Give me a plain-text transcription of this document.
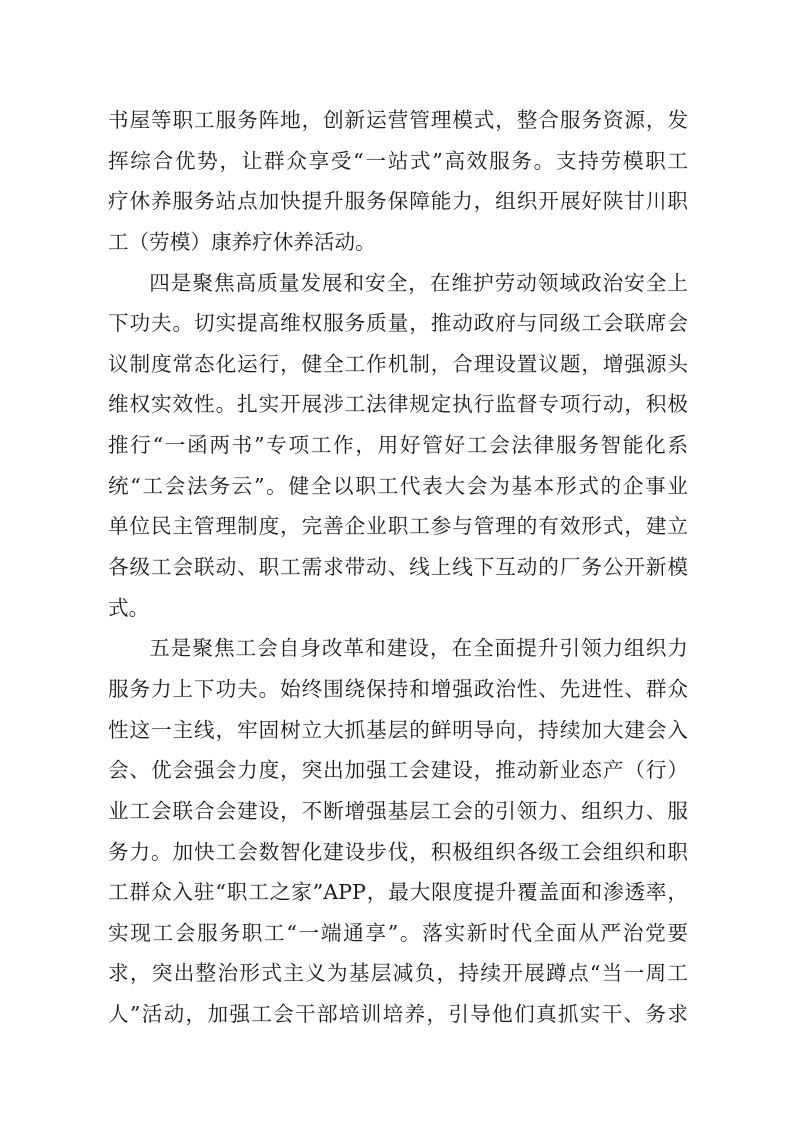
书屋等职工服务阵地，创新运营管理模式，整合服务资源，发
挥综合优势，让群众享受“一站式”高效服务。支持劳模职工
疗休养服务站点加快提升服务保障能力，组织开展好陕甘川职
工（劳模）康养疗休养活动。
四是聚焦高质量发展和安全，在维护劳动领域政治安全上
下功夫。切实提高维权服务质量，推动政府与同级工会联席会
议制度常态化运行，健全工作机制，合理设置议题，增强源头
维权实效性。扎实开展涉工法律规定执行监督专项行动，积极
推行“一函两书”专项工作，用好管好工会法律服务智能化系
统“工会法务云”。健全以职工代表大会为基本形式的企事业
单位民主管理制度，完善企业职工参与管理的有效形式，建立
各级工会联动、职工需求带动、线上线下互动的厂务公开新模
式。
五是聚焦工会自身改革和建设，在全面提升引领力组织力
服务力上下功夫。始终围绕保持和增强政治性、先进性、群众
性这一主线，牢固树立大抓基层的鲜明导向，持续加大建会入
会、优会强会力度，突出加强工会建设，推动新业态产（行）
业工会联合会建设，不断增强基层工会的引领力、组织力、服
务力。加快工会数智化建设步伐，积极组织各级工会组织和职
工群众入驻“职工之家”APP，最大限度提升覆盖面和渗透率，
实现工会服务职工“一端通享”。落实新时代全面从严治党要
求，突出整治形式主义为基层减负，持续开展蹲点“当一周工
人”活动，加强工会干部培训培养，引导他们真抓实干、务求
